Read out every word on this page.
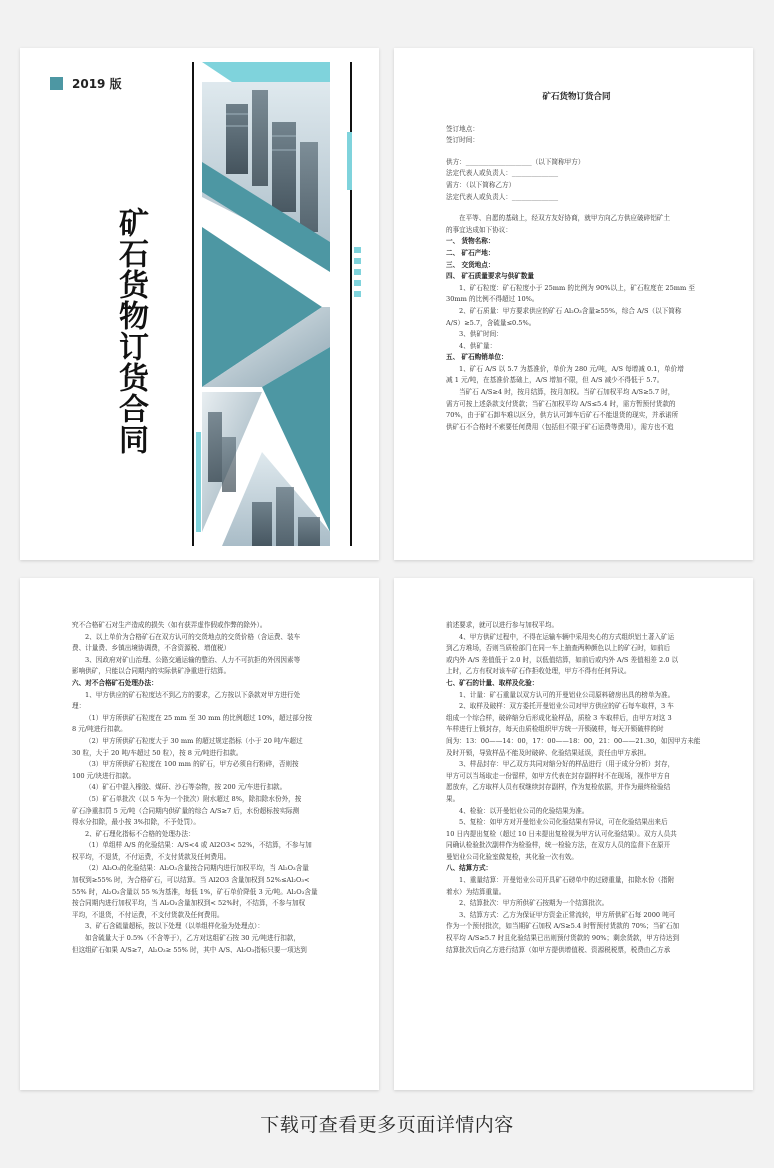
2019 版
矿石货物订货合同
矿石货物订货合同

签订地点：

签订时间：

供方：____________________（以下简称甲方）

法定代表人或负责人：______________

需方：（以下简称乙方）

法定代表人或负责人：______________

在平等、自愿的基础上，经双方友好协商，就甲方向乙方供应破碎铝矿土

的事宜达成如下协议：

一、 货物名称：

二、 矿石产地：

三、 交货地点：

四、 矿石质量要求与供矿数量

1、矿石粒度：矿石粒度小于 25mm 的比例为 90%以上，矿石粒度在 25mm 至

30mm 的比例不得超过 10%。

2、矿石质量：甲方要求供应的矿石 Al₂O₃含量≥55%，综合 A/S（以下简称

A/S）≥5.7，含硫量≤0.5%。

3、供矿时间：

4、供矿量：

五、 矿石购销单位：

1、矿石 A/S 以 5.7 为基准价，单价为 280 元/吨，A/S 每增减 0.1，单价增

减 1 元/吨，在基准价基础上，A/S 增加不限，但 A/S 减少不得低于 5.7。

当矿石 A/S≥4 时，按月结算，按月加权。当矿石加权平均 A/S≥5.7 时，

需方可按上述条款支付货款；当矿石加权平均 A/S≤5.4 时，需方暂预付货款的

70%，由于矿石卸车难以区分，供方认可卸车后矿石不能退货的现实，并承诺所

供矿石不合格时不索要任何费用（包括但不限于矿石运费等费用），需方也不追

究不合格矿石对生产造成的损失（如有获弄虚作假或作弊的除外）。

2、以上单价为合格矿石在双方认可的交货地点的交货价格（含运费、装车

费、计量费、乡镇出境协调费，不含资源税、增值税）

3、因政府对矿山治理、公路交通运输的整治、人力不可抗拒的外因因素等

影响供矿，只能以合同期内的实际供矿净重进行结算。

六、对不合格矿石处理办法：

1、甲方供应的矿石粒度达不到乙方的要求，乙方按以下条款对甲方进行处

理：

（1）甲方所供矿石粒度在 25 mm 至 30 mm 的比例超过 10%，超过部分按

8 元/吨进行扣款。

（2）甲方所供矿石粒度大于 30 mm 的超过规定指标（小于 20 吨/车超过

30 粒，大于 20 吨/车超过 50 粒），按 8 元/吨进行扣款。

（3）甲方所供矿石粒度在 100 mm 的矿石，甲方必须自行粉碎，否则按

100 元/块进行扣款。

（4）矿石中混入橡胶、煤矸、沙石等杂物，按 200 元/车进行扣款。

（5）矿石单批次（以 5 车为一个批次）附水超过 8%，除扣除水份外，按

矿石净重扣罚 5 元/吨（合同期内供矿量的综合 A/S≥7 后，水份超标按实际测

得水分扣除，最小按 3%扣除，不予处罚）。

2、矿石理化指标不合格的处理办法：

（1）单组样 A/S 的化验结果：A/S<4 或 Al2O3< 52%，不结算，不参与加

权平均，不退货，不付运费，不支付货款及任何费用。

（2）Al₂O₃的化验结果：Al₂O₃含量按合同期内进行加权平均，当 Al₂O₃含量

加权到≥55% 时，为合格矿石，可以结算。当 Al2O3 含量加权到 52%≤Al₂O₃<

55% 时，Al₂O₃含量以 55 %为基准，每低 1%，矿石单价降低 3 元/吨。Al₂O₃含量

按合同期内进行加权平均，当 Al₂O₃含量加权到< 52%时，不结算，不参与加权

平均，不退货，不付运费，不支付货款及任何费用。

3、矿石含硫量超标，按以下处理（以单组样化验为处理点）：

如含硫量大于 0.5%（不含等于），乙方对这组矿石按 30 元/吨进行扣款，

但这组矿石如果 A/S≥7，Al₂O₃≥ 55% 时，其中 A/S、Al₂O₃指标只要一项达到

前述要求，就可以进行参与加权平均。

4、甲方供矿过程中，不得在运输车辆中采用夹心的方式组织铝土著入矿运

到乙方堆场，否则当质检部门在同一车上抽查两种颜色以上的矿石时，如前后

或内外 A/S 差值低于 2.0 时，以低值结算，如前后或内外 A/S 差值相差 2.0 以

上时，乙方有权对该车矿石作拒收处理，甲方不得有任何异议。

七、矿石的计量、取样及化验：

1、计量：矿石重量以双方认可的开曼铝业公司原料磅房出具的榜单为准。

2、取样及破样：双方委托开曼铝业公司对甲方供应的矿石每车取样，3 车

组成一个综合样，破碎缩分后形成化验样品，质检 3 车取样后，由甲方对这 3

车样进行上锁封存，每天由质检组织甲方统一开锁破样，每天开锁破样的时

间为：13：00——14：00，17：00——18：00，21：00——21.30，如因甲方未能

及时开锁，导致样品不能及时破碎、化验结果延误，责任由甲方承担。

3、样品封存：甲乙双方共同对缩分好的样品进行（用于成分分析）封存，

甲方可以当场取走一份留样，如甲方代表在封存副样时不在现场，视作甲方自

愿放弃，乙方取样人员有权继续封存副样，作为复检依据，并作为最终检验结

果。

4、检验：以开曼铝业公司的化验结果为准。

5、复检：如甲方对开曼铝业公司化验结果有异议，可在化验结果出来后

10 日内提出复检（超过 10 日未提出复检视为甲方认可化验结果）。双方人员共

同确认检验批次副样作为检验样，统一检验方法，在双方人员的监督下在原开

曼铝业公司化验室做复检，其化验一次有效。

八、结算方式：

1、重量结算：开曼铝业公司开具矿石磅单中的过磅重量，扣除水份（指附

着水）为结算重量。

2、结算批次：甲方所供矿石按期为一个结算批次。

3、结算方式：乙方为保证甲方资金正常流转，甲方所供矿石每 2000 吨可

作为一个预付批次，如当期矿石加权 A/S≥5.4 时暂预付货款的 70%；当矿石加

权平均 A/S≥5.7 时且化验结果已出则预付货款的 90%；剩余货款，甲方待达到

结算批次后向乙方进行结算（如甲方提供增值税、资源税税票，税费由乙方承

下载可查看更多页面详情内容
